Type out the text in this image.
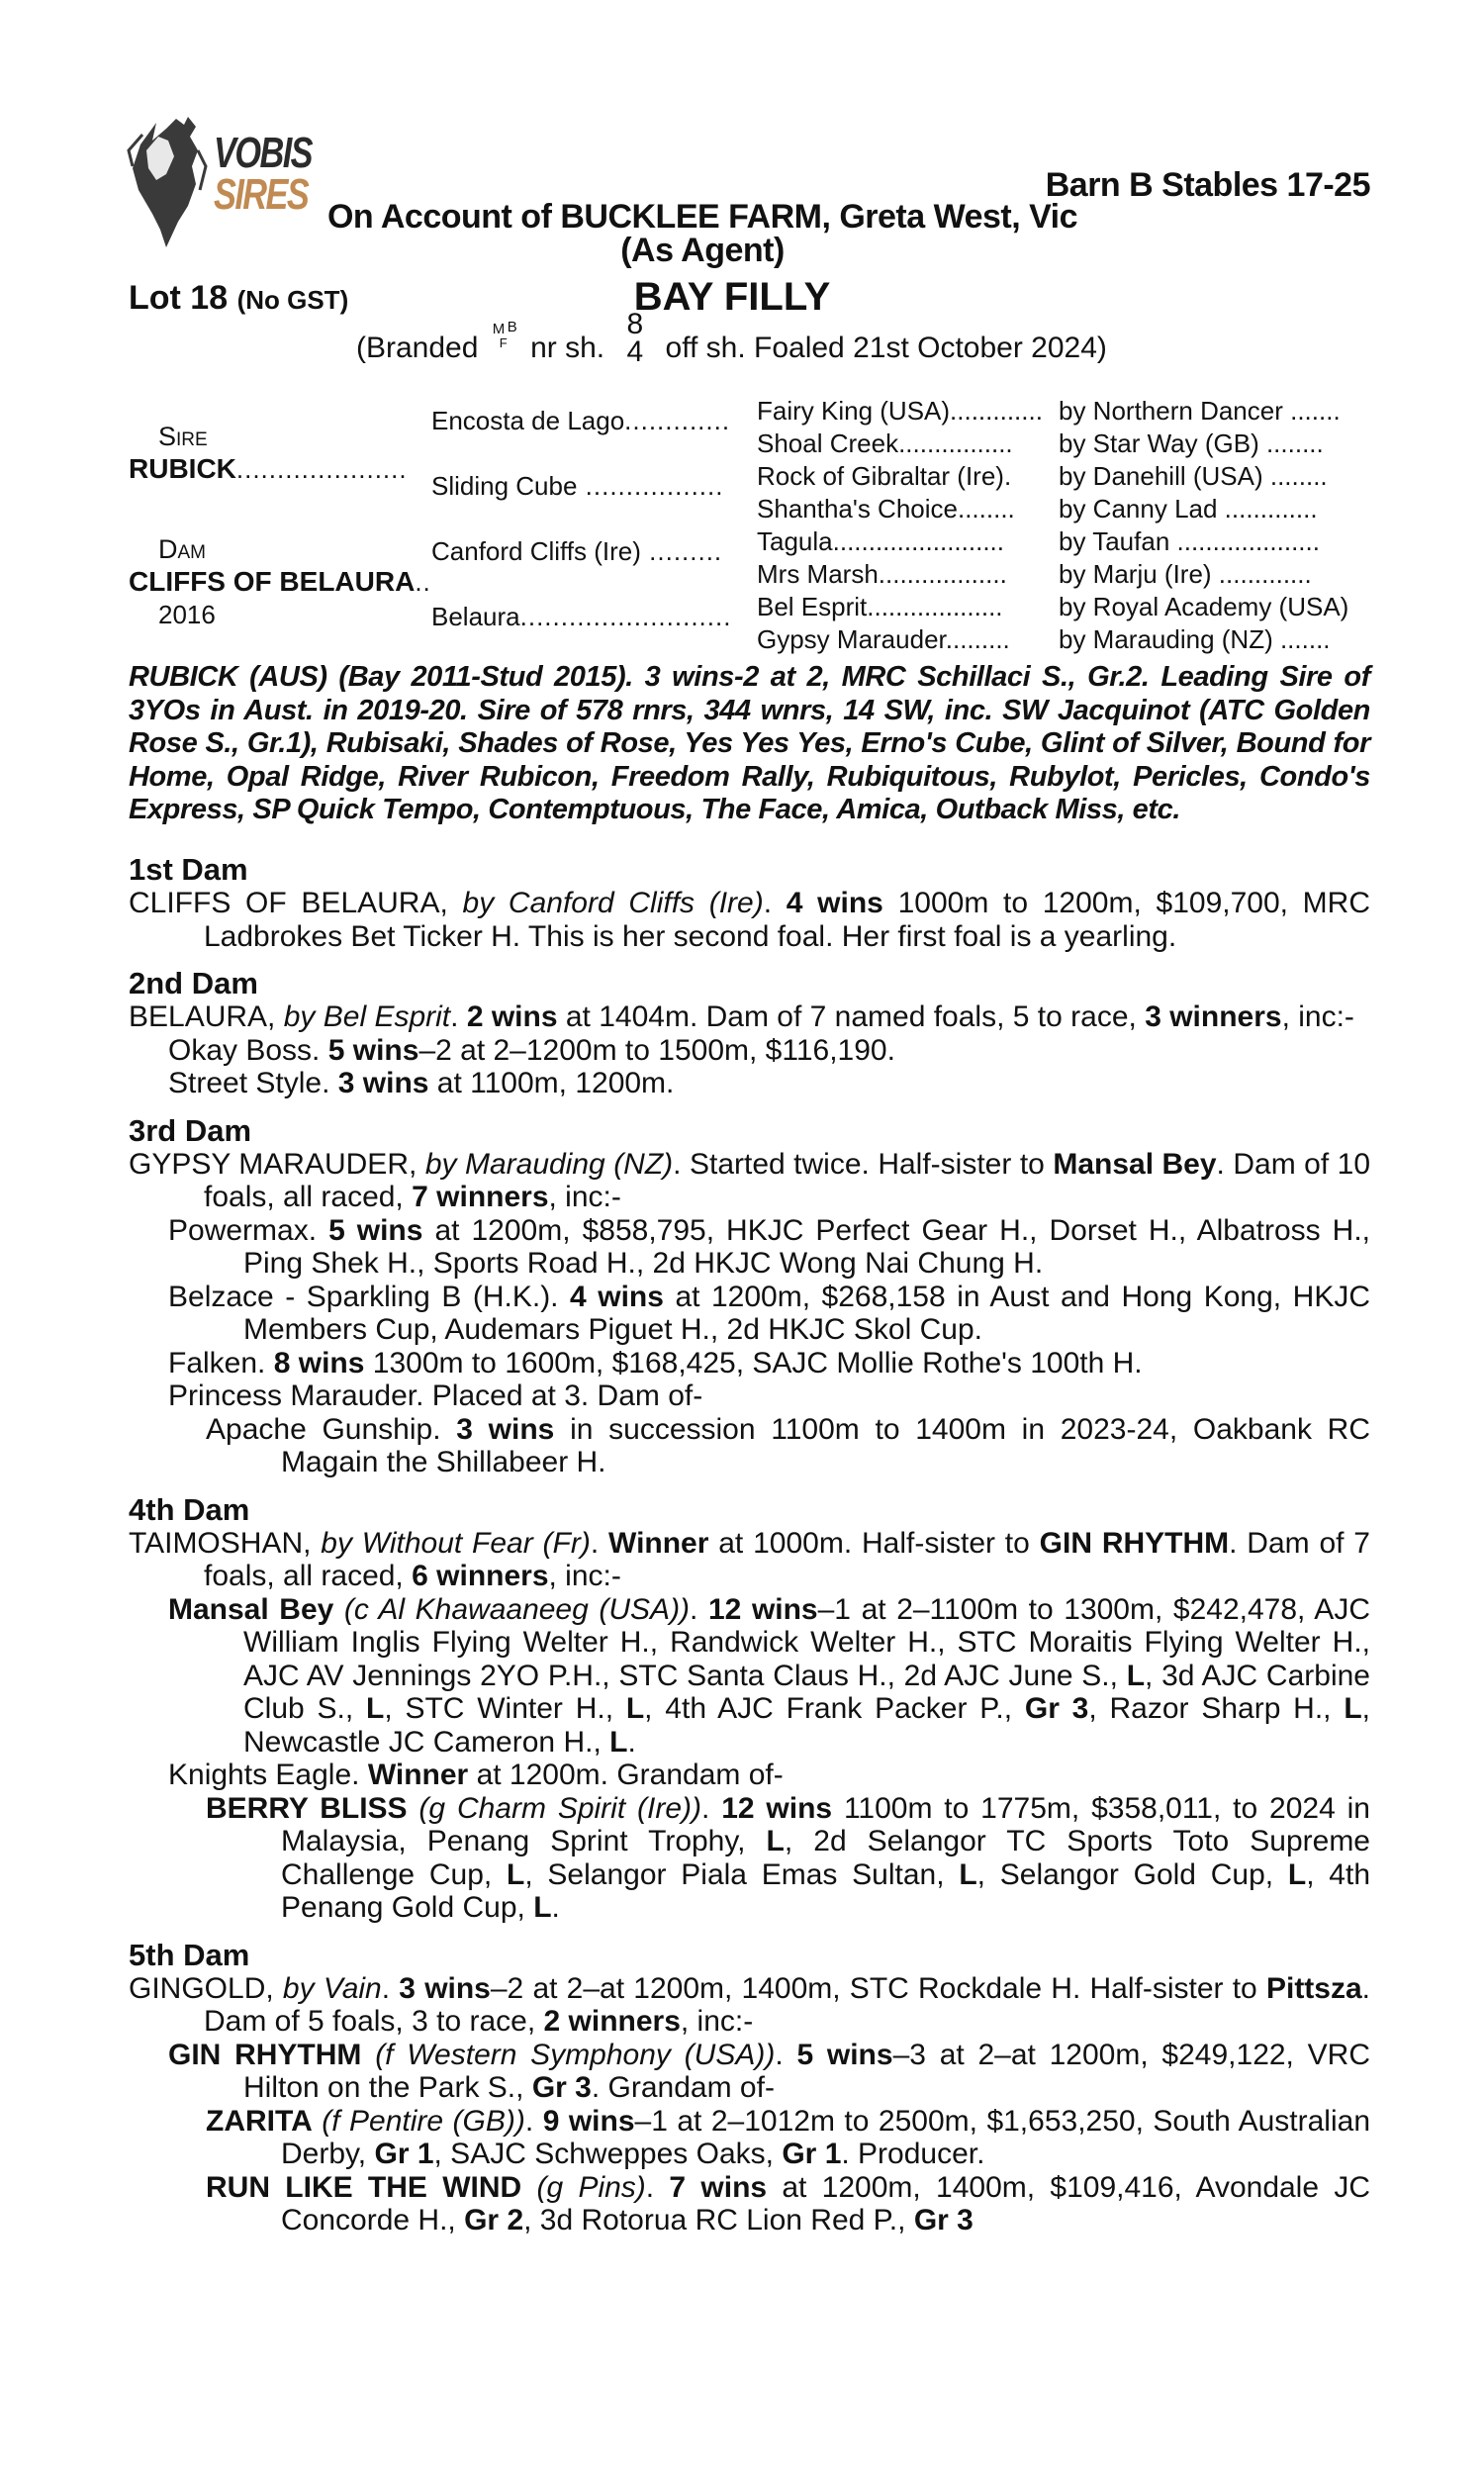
VOBIS
SIRES	Barn B Stables 17-25
On Account of BUCKLEE FARM, Greta West, Vic
(As Agent)
Lot 18 (No GST)	BAY FILLY
(Branded
M B
F nr sh.
8
4 off sh. Foaled 21st October 2024)
Sire
RUBICK.....................
Dam
CLIFFS OF BELAURA..
2016
Encosta de Lago.............
Sliding Cube .................
Canford Cliffs (Ire) .........
Belaura..........................
Fairy King (USA)............. by Northern Dancer .......
Shoal Creek................ by Star Way (GB) ........
Rock of Gibraltar (Ire). by Danehill (USA) ........
Shantha's Choice........ by Canny Lad .............
Tagula........................ by Taufan ....................
Mrs Marsh.................. by Marju (Ire) .............
Bel Esprit................... by Royal Academy (USA)
Gypsy Marauder......... by Marauding (NZ) .......
RUBICK (AUS) (Bay 2011-Stud 2015). 3 wins-2 at 2, MRC Schillaci S., Gr.2. Leading Sire of 3YOs in Aust. in 2019-20. Sire of 578 rnrs, 344 wnrs, 14 SW, inc. SW Jacquinot (ATC Golden Rose S., Gr.1), Rubisaki, Shades of Rose, Yes Yes Yes, Erno's Cube, Glint of Silver, Bound for Home, Opal Ridge, River Rubicon, Freedom Rally, Rubiquitous, Rubylot, Pericles, Condo's Express, SP Quick Tempo, Contemptuous, The Face, Amica, Outback Miss, etc.
1st Dam
CLIFFS OF BELAURA, by Canford Cliffs (Ire). 4 wins 1000m to 1200m, $109,700, MRC Ladbrokes Bet Ticker H. This is her second foal. Her first foal is a yearling.
2nd Dam
BELAURA, by Bel Esprit. 2 wins at 1404m. Dam of 7 named foals, 5 to race, 3 winners, inc:-
Okay Boss. 5 wins–2 at 2–1200m to 1500m, $116,190.
Street Style. 3 wins at 1100m, 1200m.
3rd Dam
GYPSY MARAUDER, by Marauding (NZ). Started twice. Half-sister to Mansal Bey. Dam of 10 foals, all raced, 7 winners, inc:-
Powermax. 5 wins at 1200m, $858,795, HKJC Perfect Gear H., Dorset H., Albatross H., Ping Shek H., Sports Road H., 2d HKJC Wong Nai Chung H.
Belzace - Sparkling B (H.K.). 4 wins at 1200m, $268,158 in Aust and Hong Kong, HKJC Members Cup, Audemars Piguet H., 2d HKJC Skol Cup.
Falken. 8 wins 1300m to 1600m, $168,425, SAJC Mollie Rothe's 100th H.
Princess Marauder. Placed at 3. Dam of-
Apache Gunship. 3 wins in succession 1100m to 1400m in 2023-24, Oakbank RC Magain the Shillabeer H.
4th Dam
TAIMOSHAN, by Without Fear (Fr). Winner at 1000m. Half-sister to GIN RHYTHM. Dam of 7 foals, all raced, 6 winners, inc:-
Mansal Bey (c Al Khawaaneeg (USA)). 12 wins–1 at 2–1100m to 1300m, $242,478, AJC William Inglis Flying Welter H., Randwick Welter H., STC Moraitis Flying Welter H., AJC AV Jennings 2YO P.H., STC Santa Claus H., 2d AJC June S., L, 3d AJC Carbine Club S., L, STC Winter H., L, 4th AJC Frank Packer P., Gr 3, Razor Sharp H., L, Newcastle JC Cameron H., L.
Knights Eagle. Winner at 1200m. Grandam of-
BERRY BLISS (g Charm Spirit (Ire)). 12 wins 1100m to 1775m, $358,011, to 2024 in Malaysia, Penang Sprint Trophy, L, 2d Selangor TC Sports Toto Supreme Challenge Cup, L, Selangor Piala Emas Sultan, L, Selangor Gold Cup, L, 4th Penang Gold Cup, L.
5th Dam
GINGOLD, by Vain. 3 wins–2 at 2–at 1200m, 1400m, STC Rockdale H. Half-sister to Pittsza. Dam of 5 foals, 3 to race, 2 winners, inc:-
GIN RHYTHM (f Western Symphony (USA)). 5 wins–3 at 2–at 1200m, $249,122, VRC Hilton on the Park S., Gr 3. Grandam of-
ZARITA (f Pentire (GB)). 9 wins–1 at 2–1012m to 2500m, $1,653,250, South Australian Derby, Gr 1, SAJC Schweppes Oaks, Gr 1. Producer.
RUN LIKE THE WIND (g Pins). 7 wins at 1200m, 1400m, $109,416, Avondale JC Concorde H., Gr 2, 3d Rotorua RC Lion Red P., Gr 3
